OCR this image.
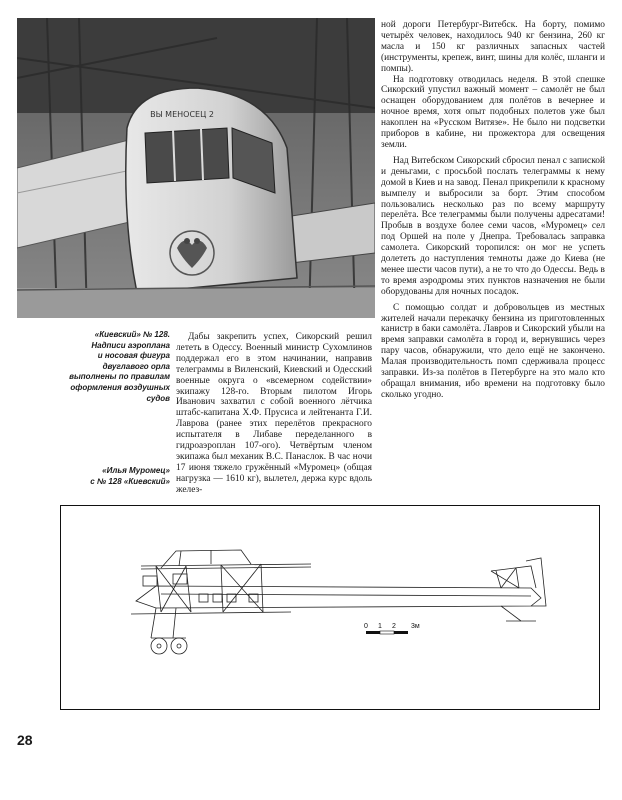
ВЫ МЕНОСЕЦ 2

ной дороги Петербург-Витебск. На борту, помимо четырёх человек, находилось 940 кг бензина, 260 кг масла и 150 кг различных запасных частей (инструменты, крепеж, винт, шины для колёс, шланги и помпы).

На подготовку отводилась неделя. В этой спешке Сикорский упустил важный момент – самолёт не был оснащен оборудованием для полётов в вечернее и ночное время, хотя опыт подобных полетов уже был накоплен на «Русском Витязе». Не было ни подсветки приборов в кабине, ни прожектора для освещения земли.

Над Витебском Сикорский сбросил пенал с запиской и деньгами, с просьбой послать телеграммы к нему домой в Киев и на завод. Пенал прикрепили к красному вымпелу и выбросили за борт. Этим способом пользовались несколько раз по всему маршруту перелёта. Все телеграммы были получены адресатами! Пробыв в воздухе более семи часов, «Муромец» сел под Оршей на поле у Днепра. Требовалась заправка самолета. Сикорский торопился: он мог не успеть долететь до наступления темноты даже до Киева (не менее шести часов пути), а не то что до Одессы. Ведь в то время аэродромы этих пунктов назначения не были оборудованы для ночных посадок.

С помощью солдат и добровольцев из местных жителей начали перекачку бензина из приготовленных канистр в баки самолёта. Лавров и Сикорский убыли на время заправки самолёта в город и, вернувшись через пару часов, обнаружили, что дело ещё не закончено. Малая производительность помп сдерживала процесс заправки. Из-за полётов в Петербурге на это мало кто обращал внимания, ибо времени на подготовку было сколько угодно.

«Киевский» № 128.
Надписи аэроплана
и носовая фигура
двуглавого орла
выполнены по правилам
оформления воздушных
судов
«Илья Муромец»
с № 128 «Киевский»

Дабы закрепить успех, Сикорский решил лететь в Одессу. Военный министр Сухомлинов поддержал его в этом начинании, направив телеграммы в Виленский, Киевский и Одесский военные округа о «всемерном содействии» экипажу 128-го. Вторым пилотом Игорь Иванович захватил с собой военного лётчика штабс-капитана Х.Ф. Прусиса и лейтенанта Г.И. Лаврова (ранее этих перелётов прекрасного испытателя в Либаве переделанного в гидроаэроплан 107-ого). Четвёртым членом экипажа был механик В.С. Панаслок. В час ночи 17 июня тяжело гружённый «Муромец» (общая нагрузка — 1610 кг), вылетел, держа курс вдоль желез-

0 1 2 3м
28
